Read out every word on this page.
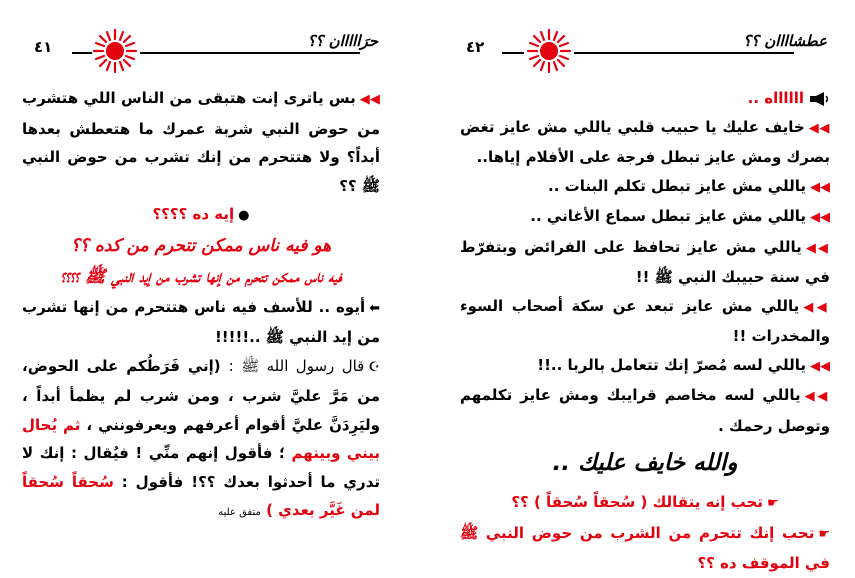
٤١	حرَااااان ؟؟

◀◀بس ياترى إنت هتبقى من الناس اللي هتشرب من حوض النبي شربة عمرك ما هتعطش بعدها أبداً؟ ولا هتتحرم من إنك تشرب من حوض النبي ﷺ ؟؟

●إيه ده ؟؟؟؟

هو فيه ناس ممكن تتحرم من كده ؟؟

فيه ناس ممكن تتحرم من إنها تشرب من إيد النبي ﷺ ؟؟؟؟

⬅أيوه .. للأسف فيه ناس هتتحرم من إنها تشرب من إيد النبي ﷺ ..!!!!!

☪قال رسول الله ﷺ : (إني فَرَطُكم على الحوض، من مَرَّ عليَّ شرب ، ومن شرب لم يظمأ أبداً ، وليَرِدَنَّ عليَّ أقوام أعرفهم ويعرفونني ، ثم يُحال بيني وبينهم ؛ فأقول إنهم منِّي ! فيُقال : إنك لا تدري ما أحدثوا بعدك ؟؟! فأقول : سُحقاً سُحقاً لمن غَيَّر بعدي ) متفق عليه

٤٢	عطشاااان ؟؟

ااااااه ..

◀◀خايف عليك يا حبيب قلبي ياللي مش عايز تغض بصرك ومش عايز تبطل فرجة على الأفلام إياها..

◀◀ياللي مش عايز تبطل تكلم البنات ..

◀◀ياللي مش عايز تبطل سماع الأغاني ..

◀◀ياللي مش عايز تحافظ على الفرائض وبتفرّط في سنة حبيبك النبي ﷺ !!

◀◀ياللي مش عايز تبعد عن سكة أصحاب السوء والمخدرات !!

◀◀ياللي لسه مُصرّ إنك تتعامل بالربا ..!!

◀◀ياللي لسه مخاصم قرايبك ومش عايز تكلمهم وتوصل رحمك .

والله خايف عليك ..

☛تحب إنه يتقالك ( سُحقاً سُحقاً ) ؟؟

☛تحب إنك تتحرم من الشرب من حوض النبي ﷺ في الموقف ده ؟؟
